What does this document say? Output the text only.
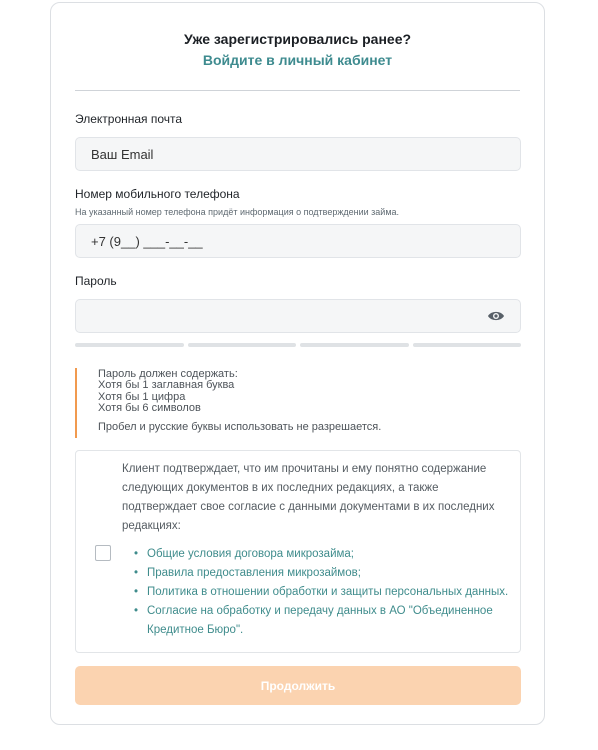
Уже зарегистрировались ранее?
Войдите в личный кабинет
Электронная почта
Ваш Email
Номер мобильного телефона
На указанный номер телефона придёт информация о подтверждении займа.
+7 (9__) ___-__-__
Пароль
Пароль должен содержать:
Хотя бы 1 заглавная буква
Хотя бы 1 цифра
Хотя бы 6 символов
Пробел и русские буквы использовать не разрешается.
Клиент подтверждает, что им прочитаны и ему понятно содержание следующих документов в их последних редакциях, а также подтверждает свое согласие с данными документами в их последних редакциях:
• Общие условия договора микрозайма;
• Правила предоставления микрозаймов;
• Политика в отношении обработки и защиты персональных данных.
• Согласие на обработку и передачу данных в АО "Объединенное Кредитное Бюро".
Продолжить
